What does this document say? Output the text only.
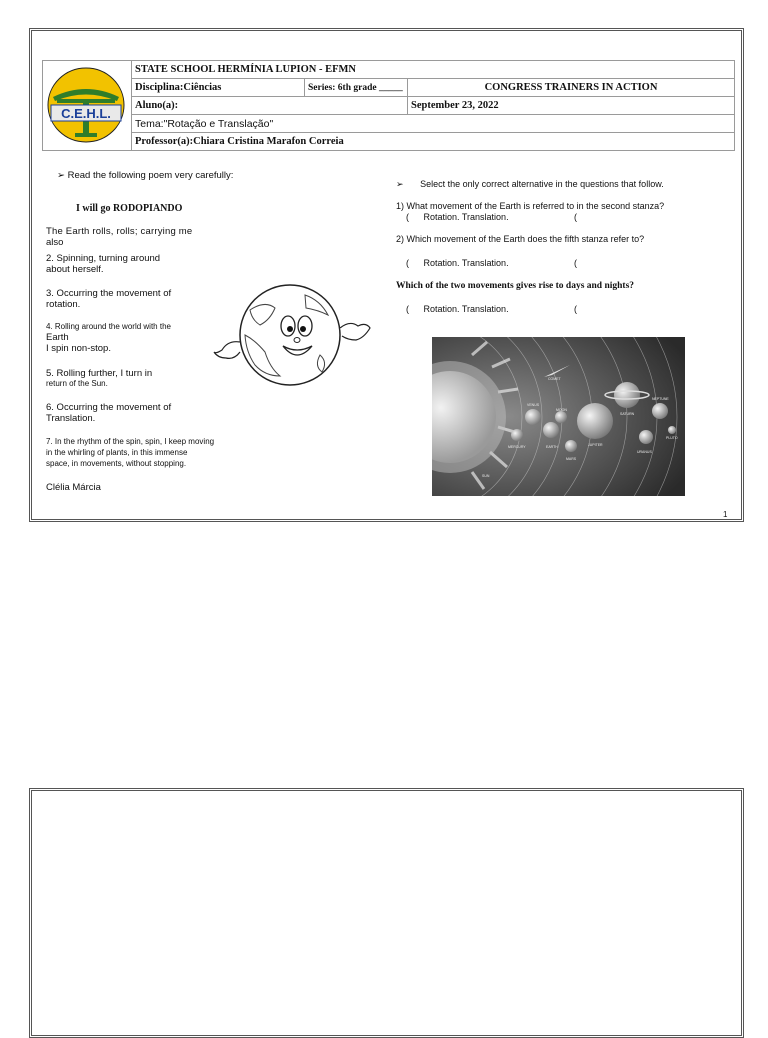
C.E.H.L.	STATE SCHOOL HERMÍNIA LUPION - EFMN		
	Disciplina:Ciências	Series: 6th grade _____	CONGRESS TRAINERS IN ACTION
	Aluno(a):		September 23, 2022
	Tema:"Rotação e Translação"		
	Professor(a):Chiara Cristina Marafon Correia		
➢ Read the following poem very carefully:
I will go RODOPIANDO
The Earth rolls, rolls; carrying me
also
2. Spinning, turning around
about herself.
3. Occurring the movement of
rotation.
4. Rolling around the world with the
Earth
I spin non-stop.
5. Rolling further, I turn in
return of the Sun.
6. Occurring the movement of
Translation.
7. In the rhythm of the spin, spin, I keep moving
in the whirling of plants, in this immense
space, in movements, without stopping.
Clélia Márcia
➢ Select the only correct alternative in the questions that follow.
1) What movement of the Earth is referred to in the second stanza?
( Rotation. Translation.	(
2) Which movement of the Earth does the fifth stanza refer to?
( Rotation. Translation.	(
Which of the two movements gives rise to days and nights?
( Rotation. Translation.	(
COMET
VENUS
MOON
EARTH
MERCURY
MARS
JUPITER
SATURN
URANUS
NEPTUNE
PLUTO
SUN
1
